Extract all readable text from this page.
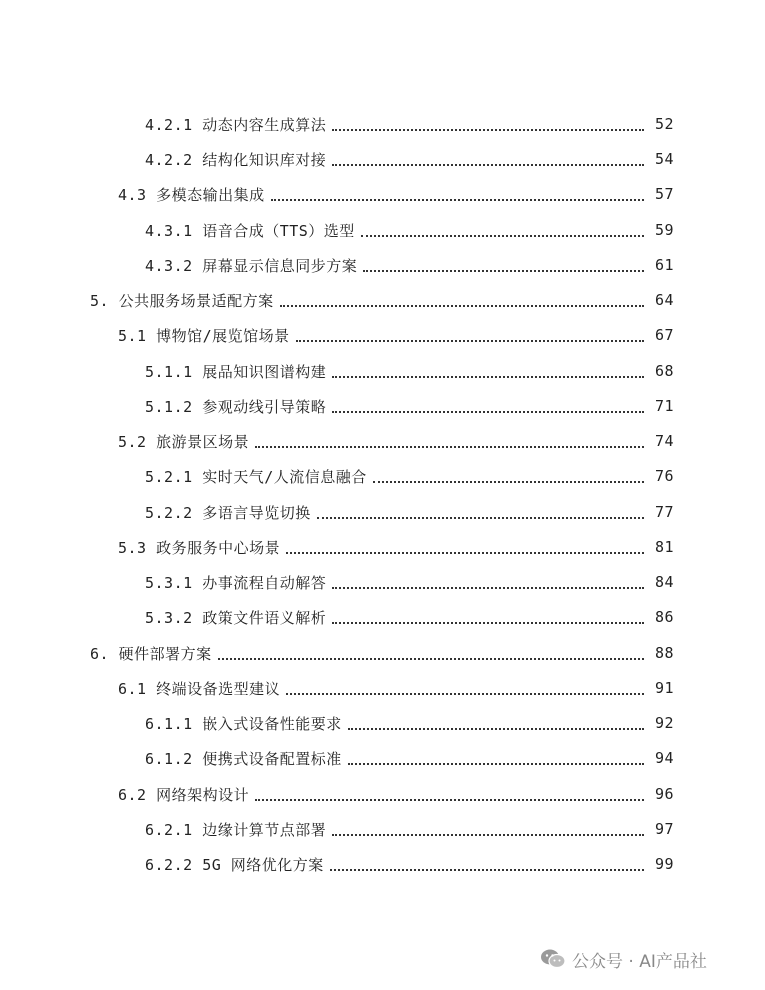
4.2.1 动态内容生成算法	52
4.2.2 结构化知识库对接	54
4.3 多模态输出集成	57
4.3.1 语音合成（TTS）选型	59
4.3.2 屏幕显示信息同步方案	61
5. 公共服务场景适配方案	64
5.1 博物馆/展览馆场景	67
5.1.1 展品知识图谱构建	68
5.1.2 参观动线引导策略	71
5.2 旅游景区场景	74
5.2.1 实时天气/人流信息融合	76
5.2.2 多语言导览切换	77
5.3 政务服务中心场景	81
5.3.1 办事流程自动解答	84
5.3.2 政策文件语义解析	86
6. 硬件部署方案	88
6.1 终端设备选型建议	91
6.1.1 嵌入式设备性能要求	92
6.1.2 便携式设备配置标准	94
6.2 网络架构设计	96
6.2.1 边缘计算节点部署	97
6.2.2 5G 网络优化方案	99
公众号 · AI产品社
